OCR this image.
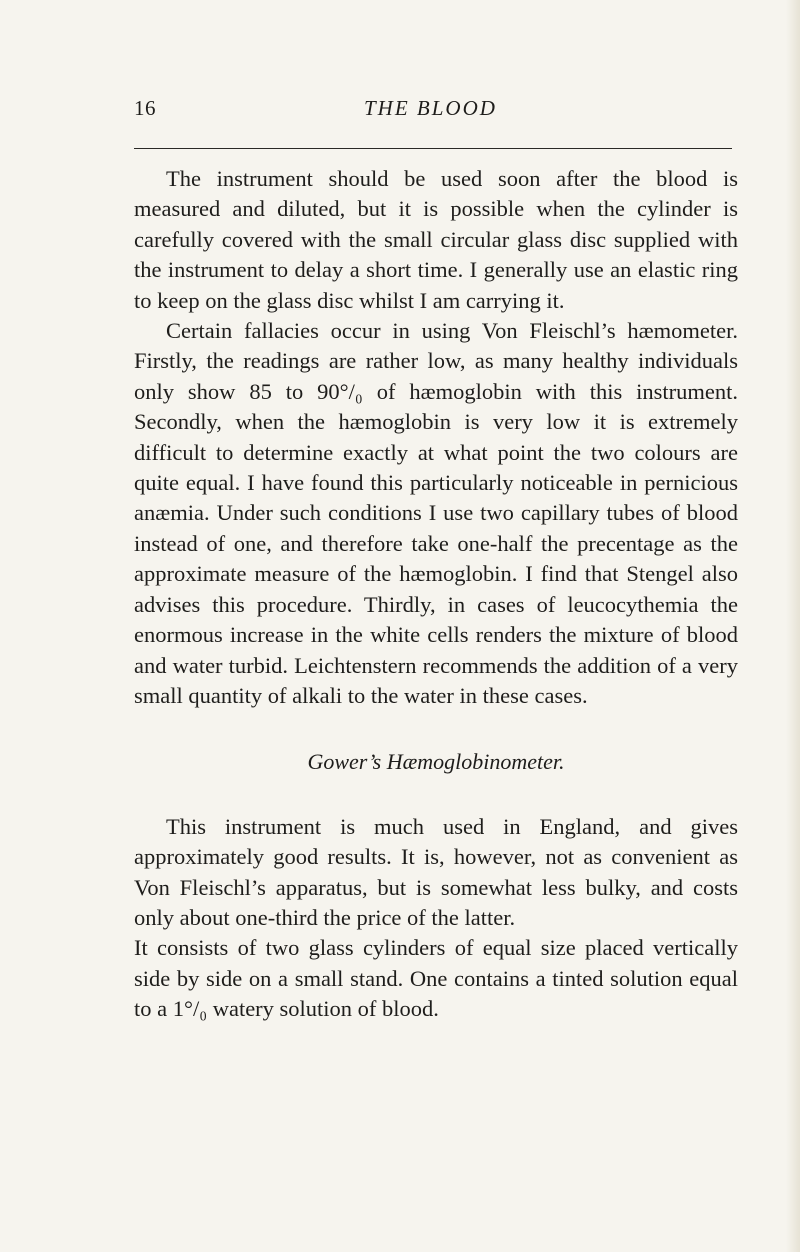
16	THE BLOOD

The instrument should be used soon after the blood is measured and diluted, but it is possible when the cylinder is carefully covered with the small circular glass disc supplied with the instrument to delay a short time. I generally use an elastic ring to keep on the glass disc whilst I am carrying it.

Certain fallacies occur in using Von Fleischl’s hæmometer. Firstly, the readings are rather low, as many healthy individuals only show 85 to 90°/₀ of hæmoglobin with this instrument. Secondly, when the hæmoglobin is very low it is extremely difficult to determine exactly at what point the two colours are quite equal. I have found this particularly noticeable in pernicious anæmia. Under such conditions I use two capillary tubes of blood instead of one, and therefore take one-half the precentage as the approximate measure of the hæmoglobin. I find that Stengel also advises this procedure. Thirdly, in cases of leucocythemia the enormous increase in the white cells renders the mixture of blood and water turbid. Leichtenstern recommends the addition of a very small quantity of alkali to the water in these cases.

Gower’s Hæmoglobinometer.

This instrument is much used in England, and gives approximately good results. It is, however, not as convenient as Von Fleischl’s apparatus, but is somewhat less bulky, and costs only about one-third the price of the latter.

It consists of two glass cylinders of equal size placed vertically side by side on a small stand. One contains a tinted solution equal to a 1°/₀ watery solution of blood.
